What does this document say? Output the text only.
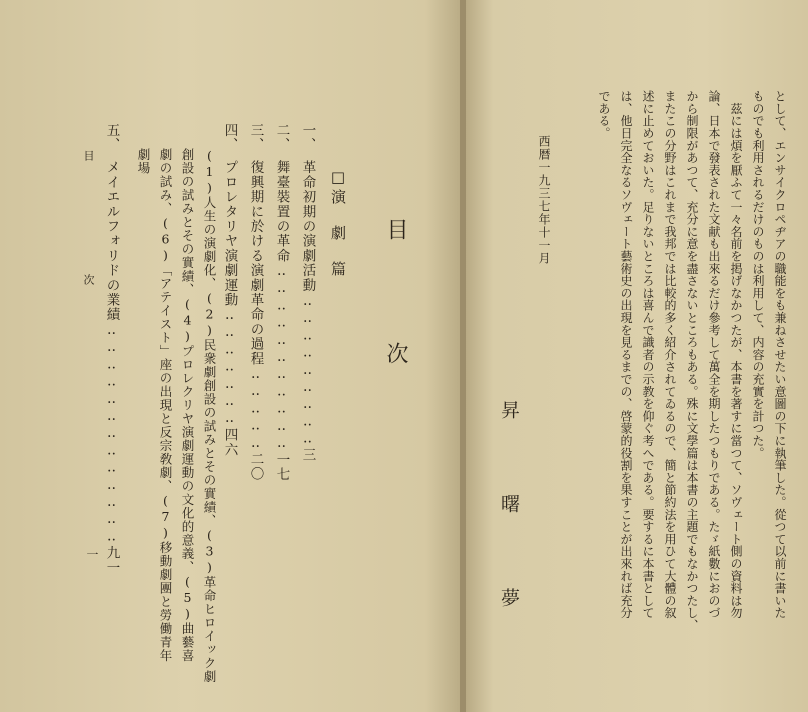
目　次
□演　劇　篇
一、　革命初期の演劇活動‥‥‥‥‥‥‥‥‥三
二、　舞臺裝置の革命‥‥‥‥‥‥‥‥‥‥‥一七
三、　復興期に於ける演劇革命の過程‥‥‥‥‥二〇
四、　プロレタリヤ演劇運動‥‥‥‥‥‥‥四六
(1)人生の演劇化、(2)民衆劇創設の試みとその實績、(3)革命ヒロイック劇
創設の試みとその實績、(4)プロレクリヤ演劇運動の文化的意義、(5)曲藝喜
劇の試み、(6)「アテイスト」座の出現と反宗敎劇、(7)移動劇團と勞働青年
劇場
五、　メイエルフォリドの業績‥‥‥‥‥‥‥‥‥‥‥‥‥九一
目　　　次
一	として、エンサイクロペヂアの職能をも兼ねさせたい意圖の下に執筆した。從つて以前に書いた
ものでも利用されるだけのものは利用して、内容の充實を計つた。
　茲には煩を厭ふて一々名前を掲げなかつたが、本書を著すに當つて、ソヴェート側の資料は勿
論、日本で發表された文献も出來るだけ參考して萬全を期したつもりである。たゞ紙數におのづ
から制限があつて、充分に意を盡さないところもある。殊に文學篇は本書の主題でもなかつたし、
またこの分野はこれまで我邦では比較的多く紹介されてゐるので、簡と節約法を用ひて大體の叙
述に止めておいた。足りないところは喜んで識者の示教を仰ぐ考へである。要するに本書として
は、他日完全なるソヴェート藝術史の出現を見るまでの、啓蒙的役割を果すことが出來れば充分
である。
西暦一九三七年十一月
昇　曙　夢
